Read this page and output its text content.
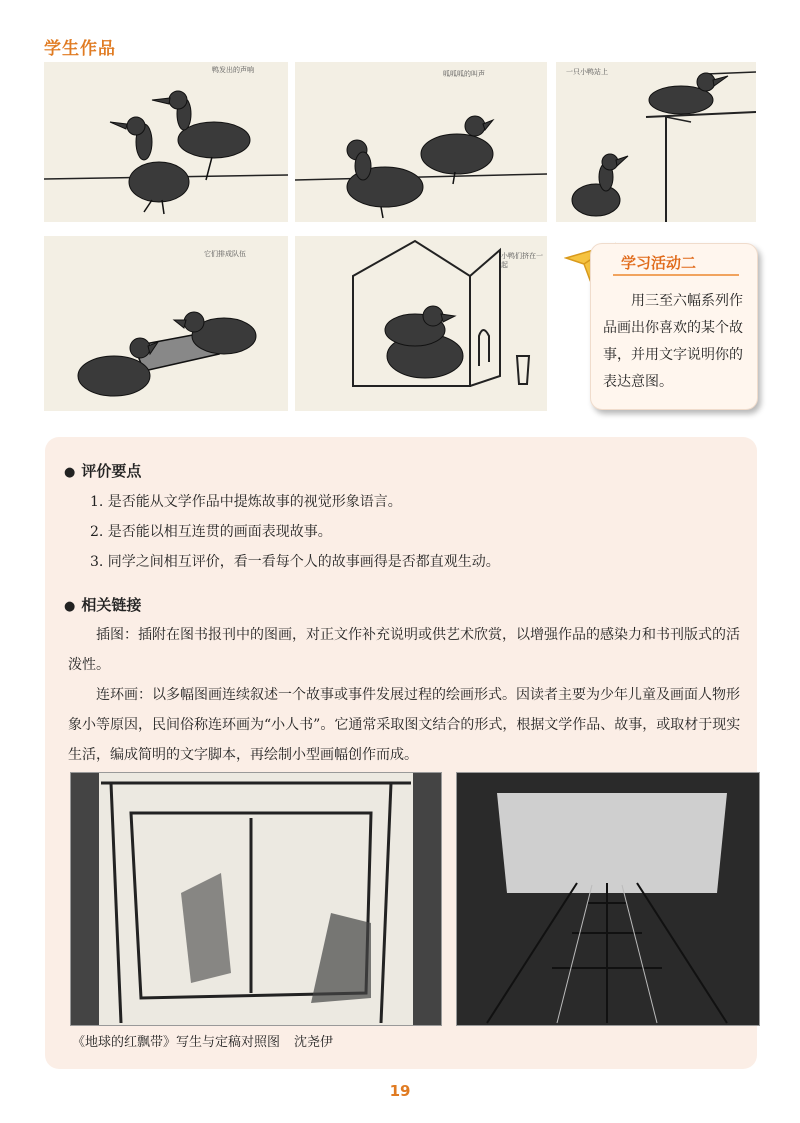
学生作品
鸭发出的声响	呱呱呱的叫声	一只小鸭站上
它们排成队伍	小鸭们挤在一起	学习活动二
用三至六幅系列作品画出你喜欢的某个故事，并用文字说明你的表达意图。
● 评价要点
1. 是否能从文学作品中提炼故事的视觉形象语言。
2. 是否能以相互连贯的画面表现故事。
3. 同学之间相互评价，看一看每个人的故事画得是否都直观生动。
● 相关链接
插图：插附在图书报刊中的图画，对正文作补充说明或供艺术欣赏，以增强作品的感染力和书刊版式的活泼性。
连环画：以多幅图画连续叙述一个故事或事件发展过程的绘画形式。因读者主要为少年儿童及画面人物形象小等原因，民间俗称连环画为“小人书”。它通常采取图文结合的形式，根据文学作品、故事，或取材于现实生活，编成简明的文字脚本，再绘制小型画幅创作而成。
《地球的红飘带》写生与定稿对照图 沈尧伊
19
